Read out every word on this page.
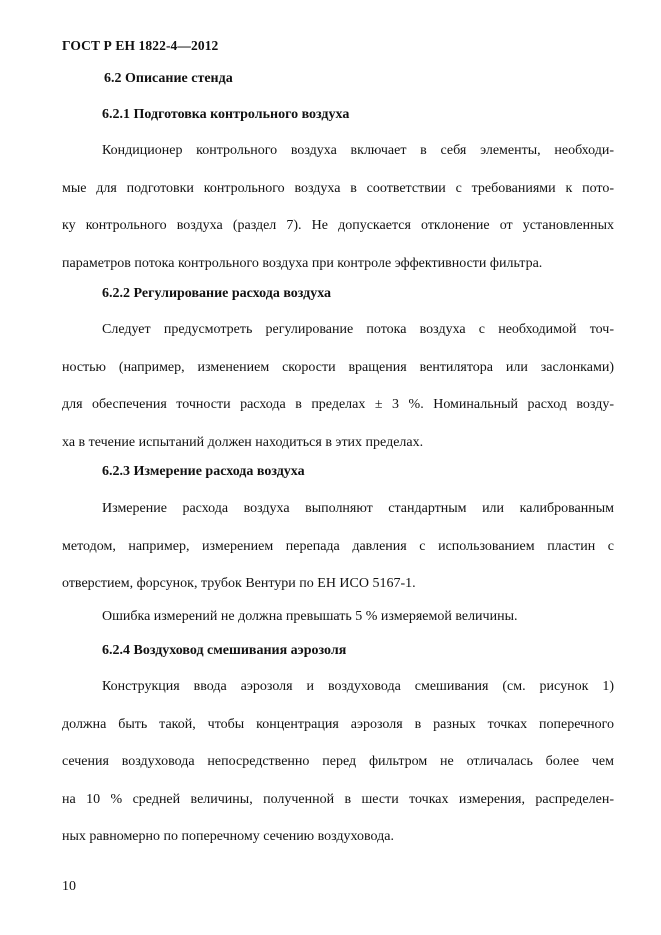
ГОСТ Р ЕН 1822-4—2012
6.2 Описание стенда
6.2.1 Подготовка контрольного воздуха

Кондиционер контрольного воздуха включает в себя элементы, необходи-
мые для подготовки контрольного воздуха в соответствии с требованиями к пото-
ку контрольного воздуха (раздел 7). Не допускается отклонение от установленных
параметров потока контрольного воздуха при контроле эффективности фильтра.

6.2.2 Регулирование расхода воздуха

Следует предусмотреть регулирование потока воздуха с необходимой точ-
ностью (например, изменением скорости вращения вентилятора или заслонками)
для обеспечения точности расхода в пределах ± 3 %. Номинальный расход возду-
ха в течение испытаний должен находиться в этих пределах.

6.2.3 Измерение расхода воздуха

Измерение расхода воздуха выполняют стандартным или калиброванным
методом, например, измерением перепада давления с использованием пластин с
отверстием, форсунок, трубок Вентури по ЕН ИСО 5167-1.

Ошибка измерений не должна превышать 5 % измеряемой величины.

6.2.4 Воздуховод смешивания аэрозоля

Конструкция ввода аэрозоля и воздуховода смешивания (см. рисунок 1)
должна быть такой, чтобы концентрация аэрозоля в разных точках поперечного
сечения воздуховода непосредственно перед фильтром не отличалась более чем
на 10 % средней величины, полученной в шести точках измерения, распределен-
ных равномерно по поперечному сечению воздуховода.

10
